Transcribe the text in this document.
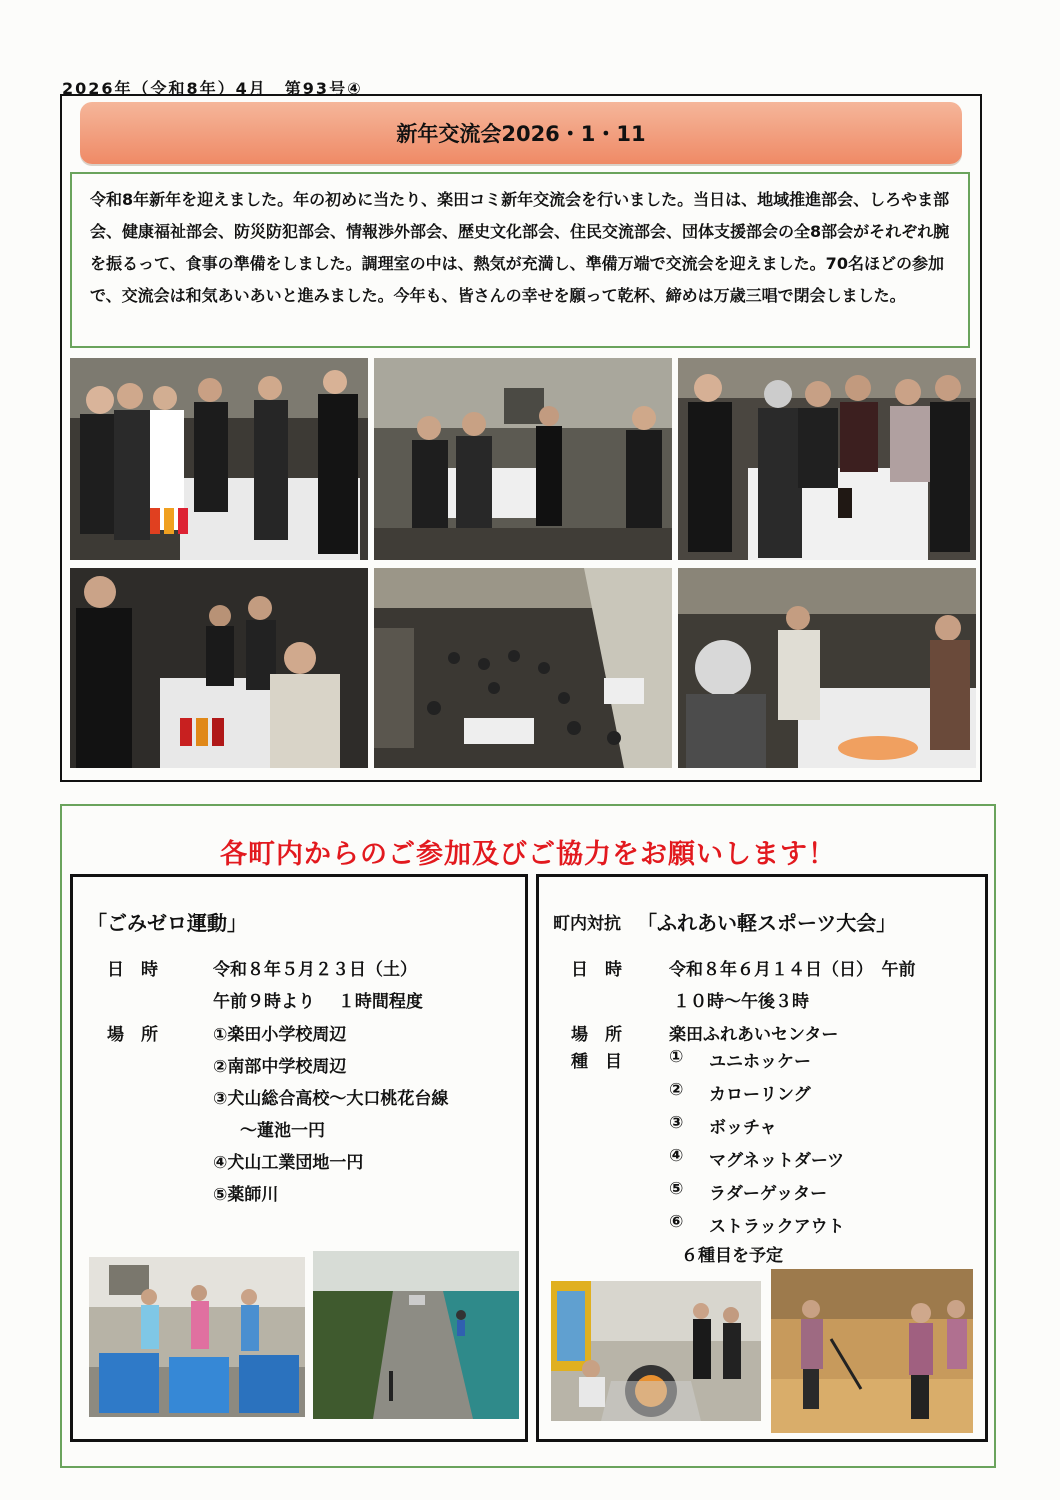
2026年（令和8年）4月　第93号④
新年交流会2026・1・11
令和8年新年を迎えました。年の初めに当たり、楽田コミ新年交流会を行いました。当日は、地域推進部会、しろやま部会、健康福祉部会、防災防犯部会、情報渉外部会、歴史文化部会、住民交流部会、団体支援部会の全8部会がそれぞれ腕を振るって、食事の準備をしました。調理室の中は、熱気が充満し、準備万端で交流会を迎えました。70名ほどの参加で、交流会は和気あいあいと進みました。今年も、皆さんの幸せを願って乾杯、締めは万歳三唱で閉会しました。
各町内からのご参加及びご協力をお願いします！
「ごみゼロ運動」
日　時	令和８年５月２３日（土）
午前９時より　 １時間程度
場　所	①楽田小学校周辺
②南部中学校周辺
③犬山総合高校～大口桃花台線
　～蓮池一円
④犬山工業団地一円
⑤薬師川
町内対抗 「ふれあい軽スポーツ大会」
日　時	令和８年６月１４日（日）　午前
１０時～午後３時
場　所	楽田ふれあいセンター
種　目	① ユニホッケー
② カローリング
③ ボッチャ
④ マグネットダーツ
⑤ ラダーゲッター
⑥ ストラックアウト
６種目を予定
